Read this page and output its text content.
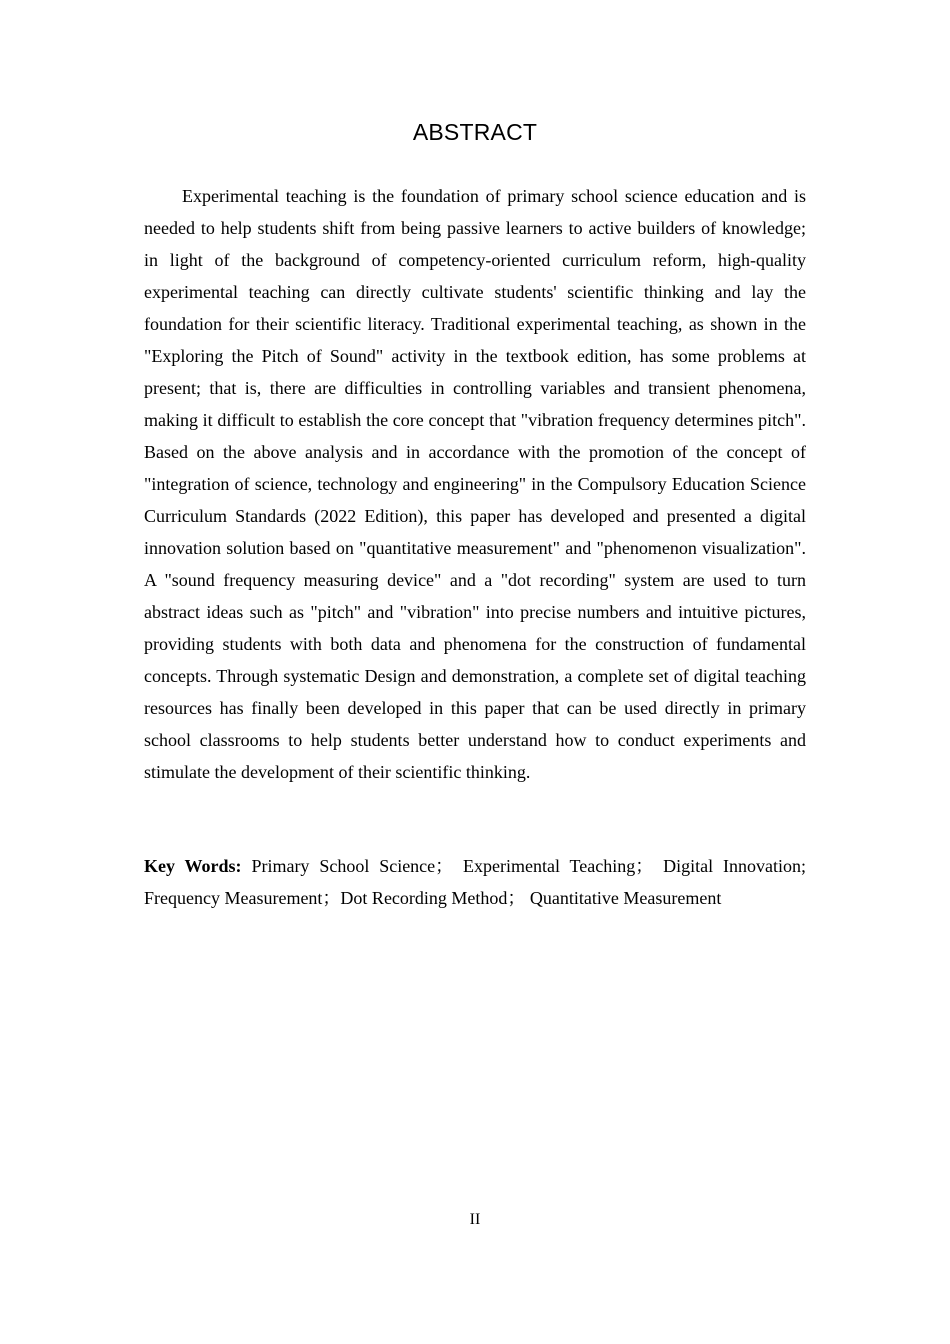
ABSTRACT

Experimental teaching is the foundation of primary school science education and is needed to help students shift from being passive learners to active builders of knowledge; in light of the background of competency-oriented curriculum reform, high-quality experimental teaching can directly cultivate students' scientific thinking and lay the foundation for their scientific literacy. Traditional experimental teaching, as shown in the "Exploring the Pitch of Sound" activity in the textbook edition, has some problems at present; that is, there are difficulties in controlling variables and transient phenomena, making it difficult to establish the core concept that "vibration frequency determines pitch". Based on the above analysis and in accordance with the promotion of the concept of "integration of science, technology and engineering" in the Compulsory Education Science Curriculum Standards (2022 Edition), this paper has developed and presented a digital innovation solution based on "quantitative measurement" and "phenomenon visualization". A "sound frequency measuring device" and a "dot recording" system are used to turn abstract ideas such as "pitch" and "vibration" into precise numbers and intuitive pictures, providing students with both data and phenomena for the construction of fundamental concepts. Through systematic Design and demonstration, a complete set of digital teaching resources has finally been developed in this paper that can be used directly in primary school classrooms to help students better understand how to conduct experiments and stimulate the development of their scientific thinking.

Key Words: Primary School Science； Experimental Teaching； Digital Innovation; Frequency Measurement；Dot Recording Method； Quantitative Measurement

II
